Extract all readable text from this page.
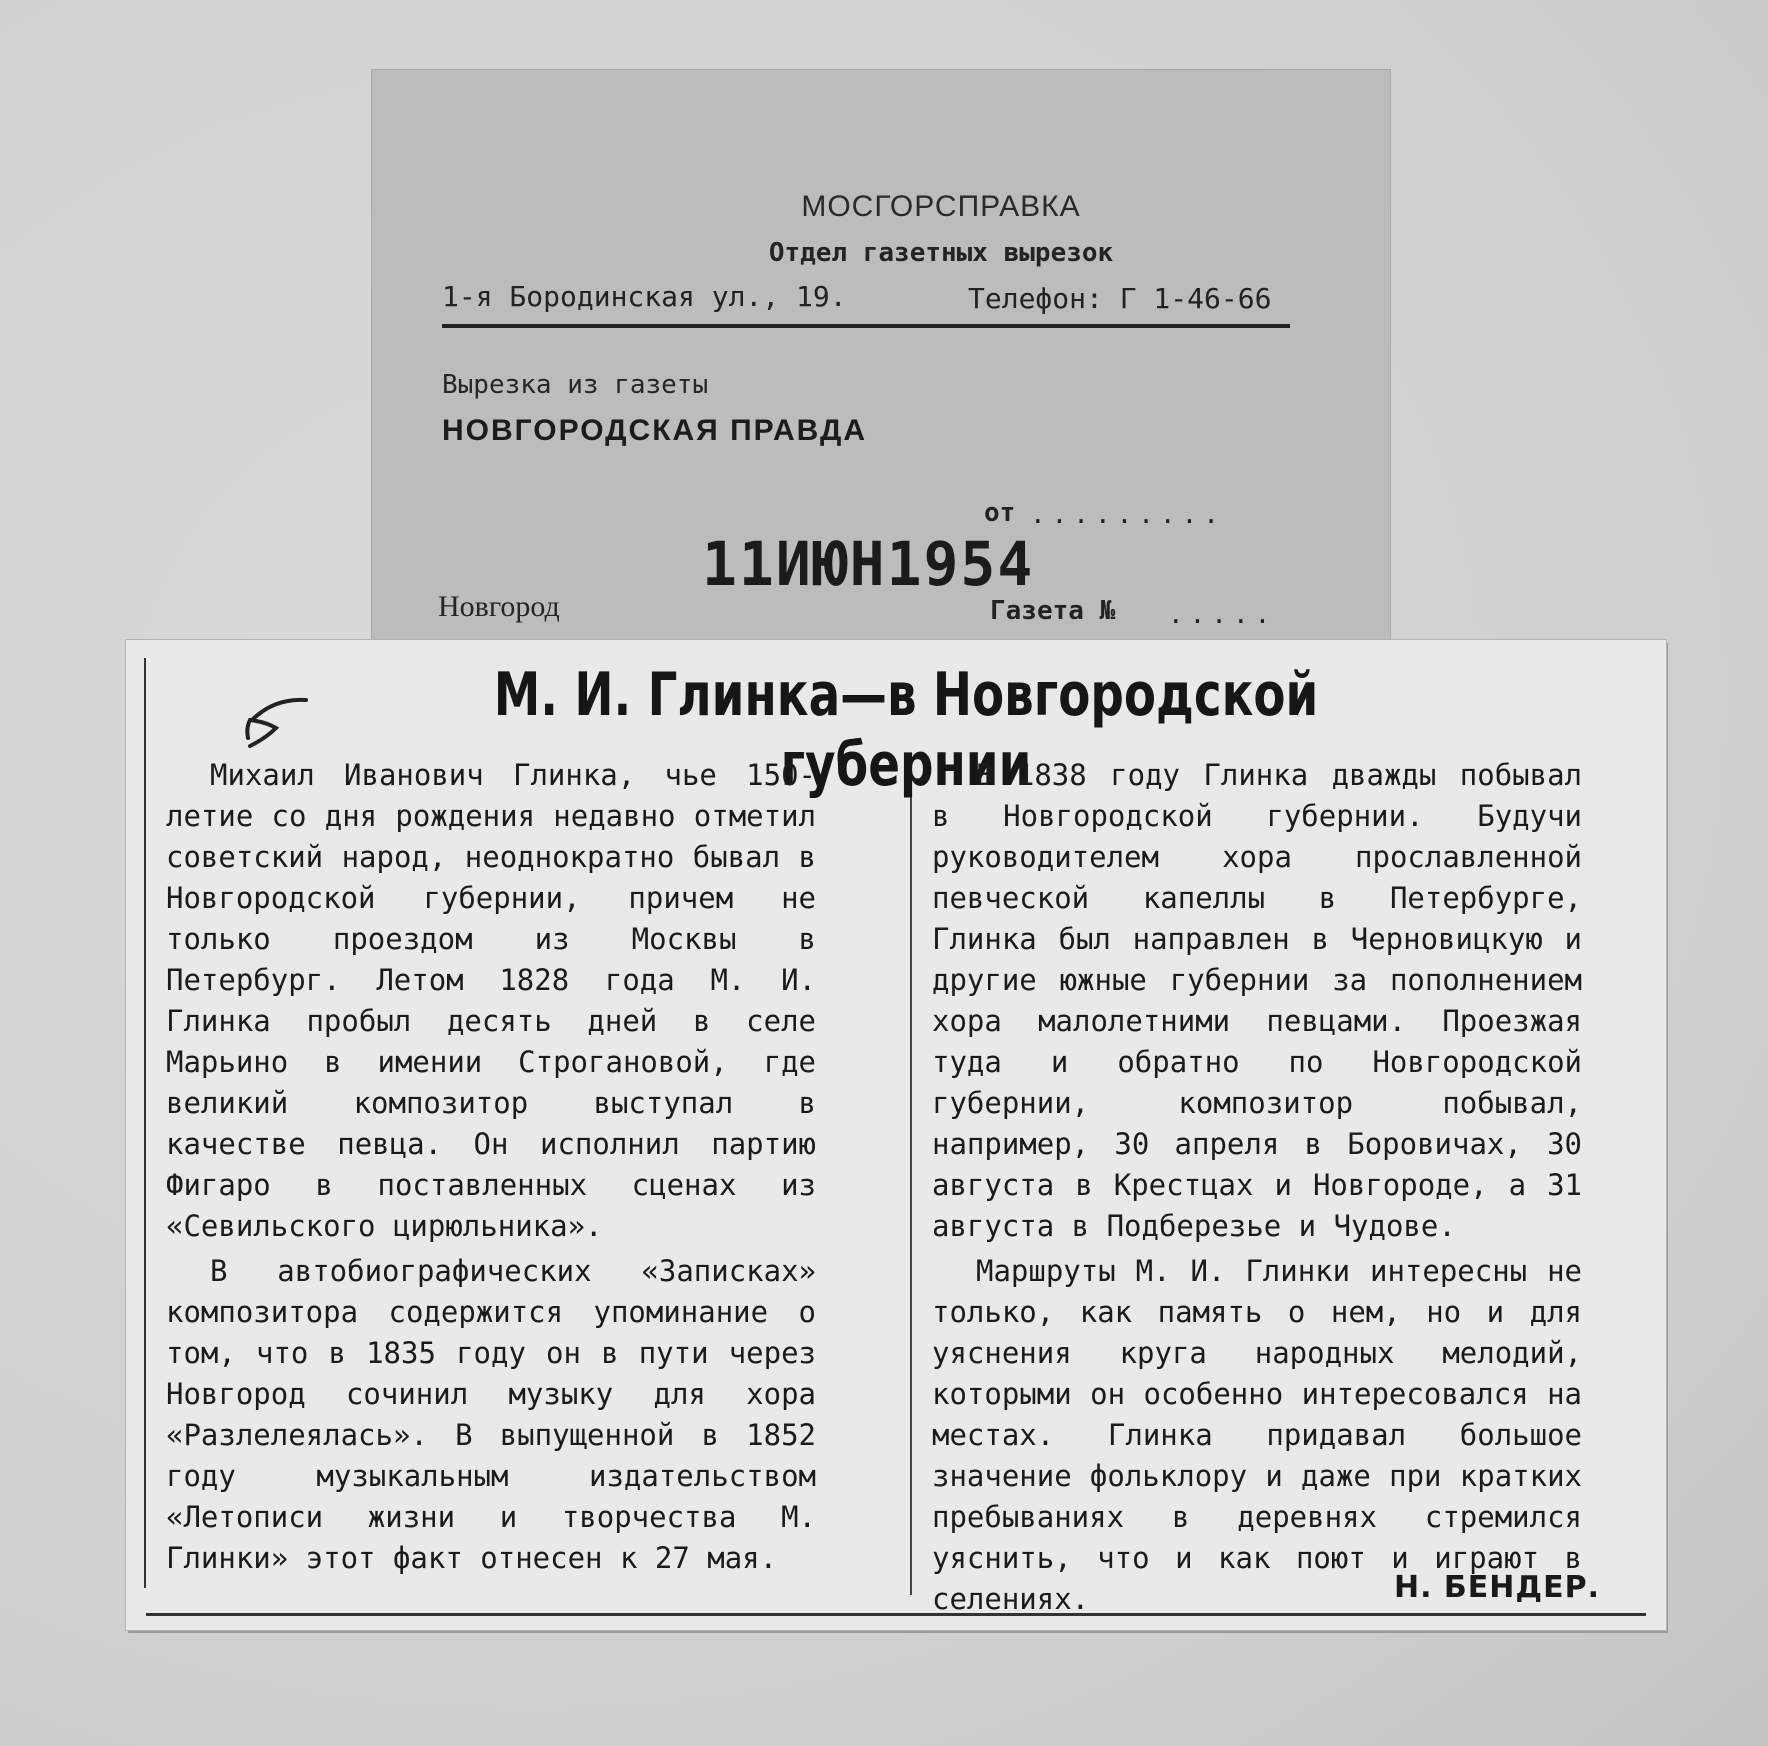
МОСГОРСПРАВКА
Отдел газетных вырезок
1-я Бородинская ул., 19.	Телефон: Г 1-46-66
Вырезка из газеты
НОВГОРОДСКАЯ ПРАВДА
от .........
11ИЮН1954
Новгород	Газета № .....
М. И. Глинка—в Новгородской губернии

Михаил Иванович Глинка, чье 150-летие со дня рождения недавно отметил советский народ, неоднократно бывал в Новгородской губернии, причем не только проездом из Москвы в Петербург. Летом 1828 года М. И. Глинка пробыл десять дней в селе Марьино в имении Строгановой, где великий композитор выступал в качестве певца. Он исполнил партию Фигаро в поставленных сценах из «Севильского цирюльника».

В автобиографических «Записках» композитора содержится упоминание о том, что в 1835 году он в пути через Новгород сочинил музыку для хора «Разлелеялась». В выпущенной в 1852 году музыкальным издательством «Летописи жизни и творчества М. Глинки» этот факт отнесен к 27 мая.

В 1838 году Глинка дважды побывал в Новгородской губернии. Будучи руководителем хора прославленной певческой капеллы в Петербурге, Глинка был направлен в Черновицкую и другие южные губернии за пополнением хора малолетними певцами. Проезжая туда и обратно по Новгородской губернии, композитор побывал, например, 30 апреля в Боровичах, 30 августа в Крестцах и Новгороде, а 31 августа в Подберезье и Чудове.

Маршруты М. И. Глинки интересны не только, как память о нем, но и для уяснения круга народных мелодий, которыми он особенно интересовался на местах. Глинка придавал большое значение фольклору и даже при кратких пребываниях в деревнях стремился уяснить, что и как поют и играют в селениях.	Н. БЕНДЕР.
